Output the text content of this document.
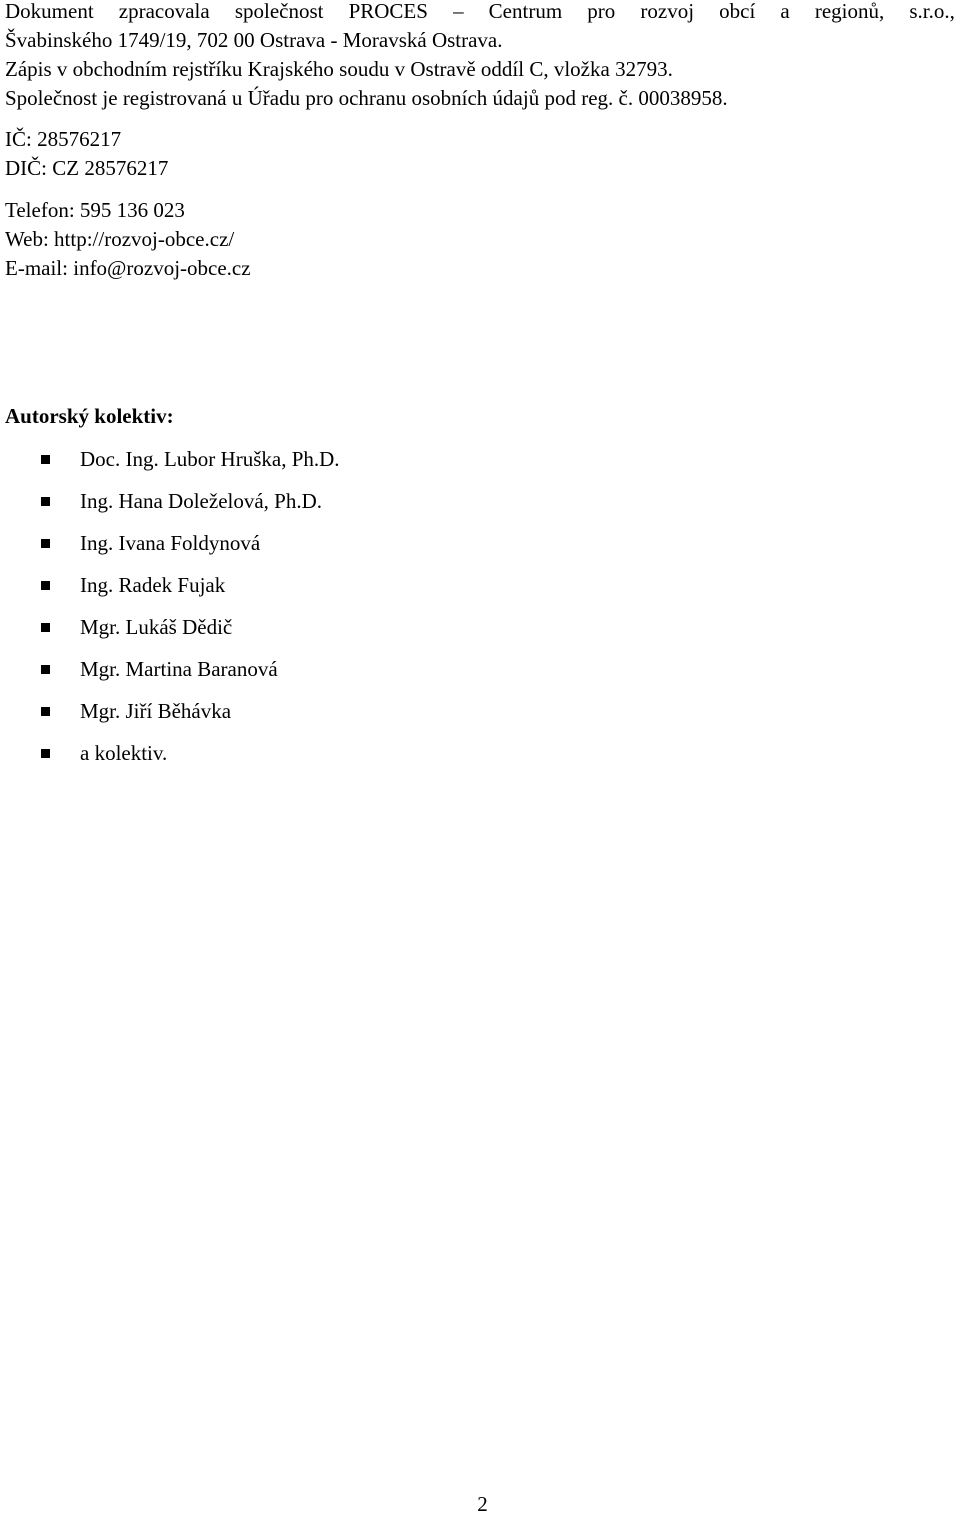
Dokument zpracovala společnost PROCES – Centrum pro rozvoj obcí a regionů, s.r.o.,
Švabinského 1749/19, 702 00 Ostrava - Moravská Ostrava.
Zápis v obchodním rejstříku Krajského soudu v Ostravě oddíl C, vložka 32793.
Společnost je registrovaná u Úřadu pro ochranu osobních údajů pod reg. č. 00038958.
IČ: 28576217
DIČ: CZ 28576217
Telefon: 595 136 023
Web: http://rozvoj-obce.cz/
E-mail: info@rozvoj-obce.cz
Autorský kolektiv:
Doc. Ing. Lubor Hruška, Ph.D.
Ing. Hana Doleželová, Ph.D.
Ing. Ivana Foldynová
Ing. Radek Fujak
Mgr. Lukáš Dědič
Mgr. Martina Baranová
Mgr. Jiří Běhávka
a kolektiv.
2
